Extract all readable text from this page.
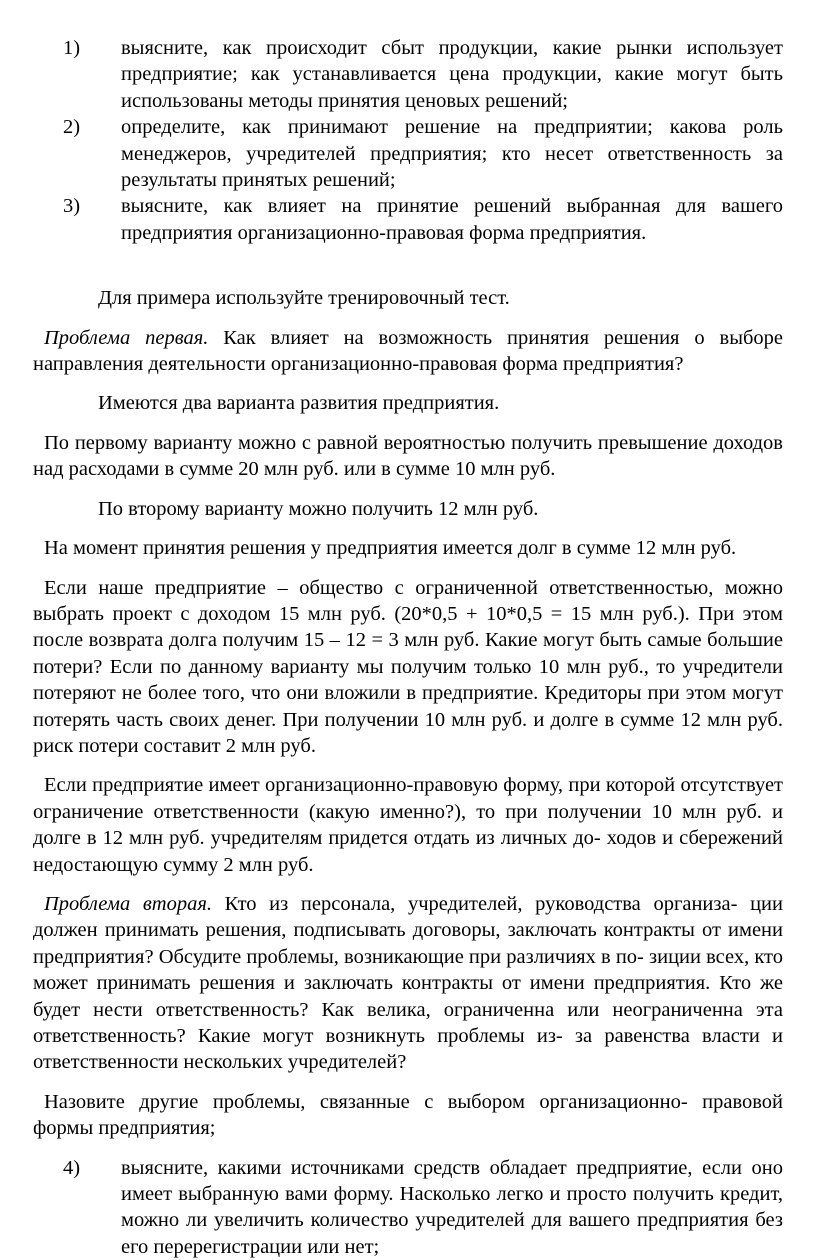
1)	выясните, как происходит сбыт продукции, какие рынки использует предприятие; как устанавливается цена продукции, какие могут быть использованы методы принятия ценовых решений;
2)	определите, как принимают решение на предприятии; какова роль менеджеров, учредителей предприятия; кто несет ответственность за результаты принятых решений;
3)	выясните, как влияет на принятие решений выбранная для вашего предприятия организационно-правовая форма предприятия.

Для примера используйте тренировочный тест.

Проблема первая. Как влияет на возможность принятия решения о выборе направления деятельности организационно-правовая форма предприятия?

Имеются два варианта развития предприятия.

По первому варианту можно с равной вероятностью получить превышение доходов над расходами в сумме 20 млн руб. или в сумме 10 млн руб.

По второму варианту можно получить 12 млн руб.

На момент принятия решения у предприятия имеется долг в сумме 12 млн руб.

Если наше предприятие – общество с ограниченной ответственностью, можно выбрать проект с доходом 15 млн руб. (20*0,5 + 10*0,5 = 15 млн руб.). При этом после возврата долга получим 15 – 12 = 3 млн руб. Какие могут быть самые большие потери? Если по данному варианту мы получим только 10 млн руб., то учредители потеряют не более того, что они вложили в предприятие. Кредиторы при этом могут потерять часть своих денег. При получении 10 млн руб. и долге в сумме 12 млн руб. риск потери составит 2 млн руб.

Если предприятие имеет организационно-правовую форму, при которой отсутствует ограничение ответственности (какую именно?), то при получении 10 млн руб. и долге в 12 млн руб. учредителям придется отдать из личных до- ходов и сбережений недостающую сумму 2 млн руб.

Проблема вторая. Кто из персонала, учредителей, руководства организа- ции должен принимать решения, подписывать договоры, заключать контракты от имени предприятия? Обсудите проблемы, возникающие при различиях в по- зиции всех, кто может принимать решения и заключать контракты от имени предприятия. Кто же будет нести ответственность? Как велика, ограниченна или неограниченна эта ответственность? Какие могут возникнуть проблемы из- за равенства власти и ответственности нескольких учредителей?

Назовите другие проблемы, связанные с выбором организационно- правовой формы предприятия;

4)	выясните, какими источниками средств обладает предприятие, если оно имеет выбранную вами форму. Насколько легко и просто получить кредит, можно ли увеличить количество учредителей для вашего предприятия без его перерегистрации или нет;
